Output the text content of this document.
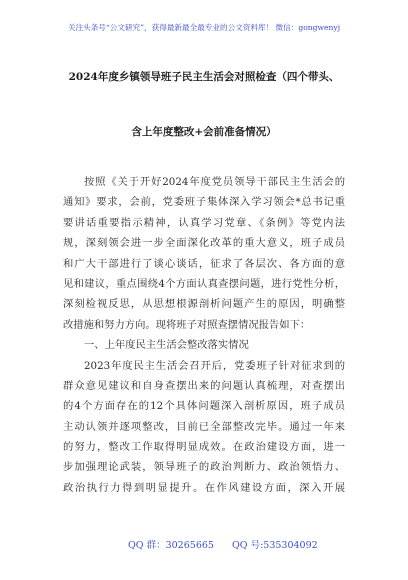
关注头条号“公文研究”，获得最新最全最专业的公文资料库！ 微信：gongwenyj
2024年度乡镇领导班子民主生活会对照检查（四个带头、
含上年度整改+会前准备情况）
按照《关于开好2024年度党员领导干部民主生活会的
通知》要求，会前，党委班子集体深入学习领会*总书记重
要讲话重要指示精神，认真学习党章、《条例》等党内法
规，深刻领会进一步全面深化改革的重大意义，班子成员
和广大干部进行了谈心谈话，征求了各层次、各方面的意
见和建议，重点围绕4个方面认真查摆问题，进行党性分析，
深刻检视反思，从思想根源剖析问题产生的原因，明确整
改措施和努力方向。现将班子对照查摆情况报告如下：
一、上年度民主生活会整改落实情况
2023年度民主生活会召开后，党委班子针对征求到的
群众意见建议和自身查摆出来的问题认真梳理，对查摆出
的4个方面存在的12个具体问题深入剖析原因，班子成员
主动认领并逐项整改，目前已全部整改完毕。通过一年来
的努力，整改工作取得明显成效。在政治建设方面，进一
步加强理论武装，领导班子的政治判断力、政治领悟力、
政治执行力得到明显提升。在作风建设方面，深入开展
QQ 群：30265665 QQ 号:535304092
